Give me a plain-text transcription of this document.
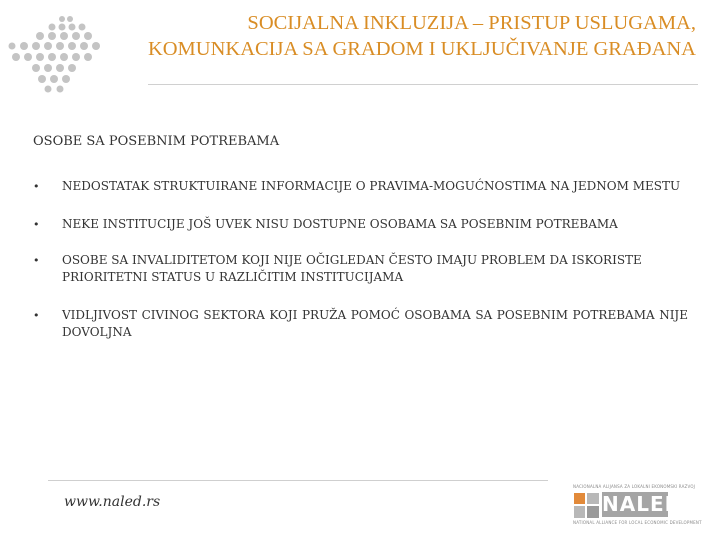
SOCIJALNA INKLUZIJA – PRISTUP USLUGAMA,
KOMUNKACIJA SA GRADOM I UKLJUČIVANJE GRAĐANA
OSOBE SA POSEBNIM POTREBAMA
• NEDOSTATAK STRUKTUIRANE INFORMACIJE O PRAVIMA-MOGUĆNOSTIMA NA JEDNOM MESTU
• NEKE INSTITUCIJE JOŠ UVEK NISU DOSTUPNE OSOBAMA SA POSEBNIM POTREBAMA
• OSOBE SA INVALIDITETOM KOJI NIJE OČIGLEDAN ČESTO IMAJU PROBLEM DA ISKORISTE PRIORITETNI STATUS U RAZLIČITIM INSTITUCIJAMA
• VIDLJIVOST CIVINOG SEKTORA KOJI PRUŽA POMOĆ OSOBAMA SA POSEBNIM POTREBAMA NIJE DOVOLJNA
www.naled.rs
NACIONALNA ALIJANSA ZA LOKALNI EKONOMSKI RAZVOJ
NALED
NATIONAL ALLIANCE FOR LOCAL ECONOMIC DEVELOPMENT
